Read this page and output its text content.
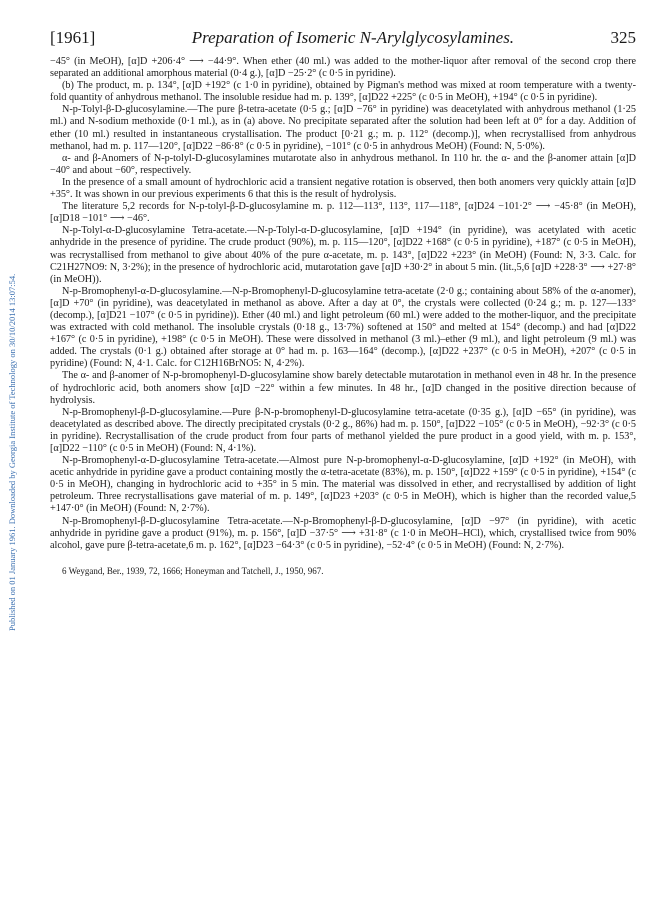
Published on 01 January 1961. Downloaded by Georgia Institute of Technology on 30/10/2014 13:07:54.
[1961]	Preparation of Isomeric N-Arylglycosylamines.	325

−45° (in MeOH), [α]D +206·4° ⟶ −44·9°. When ether (40 ml.) was added to the mother-liquor after removal of the second crop there separated an additional amorphous material (0·4 g.), [α]D −25·2° (c 0·5 in pyridine).

(b) The product, m. p. 134°, [α]D +192° (c 1·0 in pyridine), obtained by Pigman's method was mixed at room temperature with a twenty-fold quantity of anhydrous methanol. The insoluble residue had m. p. 139°, [α]D22 +225° (c 0·5 in MeOH), +194° (c 0·5 in pyridine).

N-p-Tolyl-β-D-glucosylamine.—The pure β-tetra-acetate (0·5 g.; [α]D −76° in pyridine) was deacetylated with anhydrous methanol (1·25 ml.) and N-sodium methoxide (0·1 ml.), as in (a) above. No precipitate separated after the solution had been left at 0° for a day. Addition of ether (10 ml.) resulted in instantaneous crystallisation. The product [0·21 g.; m. p. 112° (decomp.)], when recrystallised from anhydrous methanol, had m. p. 117—120°, [α]D22 −86·8° (c 0·5 in pyridine), −101° (c 0·5 in anhydrous MeOH) (Found: N, 5·0%).

α- and β-Anomers of N-p-tolyl-D-glucosylamines mutarotate also in anhydrous methanol. In 110 hr. the α- and the β-anomer attain [α]D −40° and about −60°, respectively.

In the presence of a small amount of hydrochloric acid a transient negative rotation is observed, then both anomers very quickly attain [α]D +35°. It was shown in our previous experiments 6 that this is the result of hydrolysis.

The literature 5,2 records for N-p-tolyl-β-D-glucosylamine m. p. 112—113°, 113°, 117—118°, [α]D24 −101·2° ⟶ −45·8° (in MeOH), [α]D18 −101° ⟶ −46°.

N-p-Tolyl-α-D-glucosylamine Tetra-acetate.—N-p-Tolyl-α-D-glucosylamine, [α]D +194° (in pyridine), was acetylated with acetic anhydride in the presence of pyridine. The crude product (90%), m. p. 115—120°, [α]D22 +168° (c 0·5 in pyridine), +187° (c 0·5 in MeOH), was recrystallised from methanol to give about 40% of the pure α-acetate, m. p. 143°, [α]D22 +223° (in MeOH) (Found: N, 3·3. Calc. for C21H27NO9: N, 3·2%); in the presence of hydrochloric acid, mutarotation gave [α]D +30·2° in about 5 min. (lit.,5,6 [α]D +228·3° ⟶ +27·8° (in MeOH)).

N-p-Bromophenyl-α-D-glucosylamine.—N-p-Bromophenyl-D-glucosylamine tetra-acetate (2·0 g.; containing about 58% of the α-anomer), [α]D +70° (in pyridine), was deacetylated in methanol as above. After a day at 0°, the crystals were collected (0·24 g.; m. p. 127—133° (decomp.), [α]D21 −107° (c 0·5 in pyridine)). Ether (40 ml.) and light petroleum (60 ml.) were added to the mother-liquor, and the precipitate was extracted with cold methanol. The insoluble crystals (0·18 g., 13·7%) softened at 150° and melted at 154° (decomp.) and had [α]D22 +167° (c 0·5 in pyridine), +198° (c 0·5 in MeOH). These were dissolved in methanol (3 ml.)–ether (9 ml.), and light petroleum (9 ml.) was added. The crystals (0·1 g.) obtained after storage at 0° had m. p. 163—164° (decomp.), [α]D22 +237° (c 0·5 in MeOH), +207° (c 0·5 in pyridine) (Found: N, 4·1. Calc. for C12H16BrNO5: N, 4·2%).

The α- and β-anomer of N-p-bromophenyl-D-glucosylamine show barely detectable mutarotation in methanol even in 48 hr. In the presence of hydrochloric acid, both anomers show [α]D −22° within a few minutes. In 48 hr., [α]D changed in the positive direction because of hydrolysis.

N-p-Bromophenyl-β-D-glucosylamine.—Pure β-N-p-bromophenyl-D-glucosylamine tetra-acetate (0·35 g.), [α]D −65° (in pyridine), was deacetylated as described above. The directly precipitated crystals (0·2 g., 86%) had m. p. 150°, [α]D22 −105° (c 0·5 in MeOH), −92·3° (c 0·5 in pyridine). Recrystallisation of the crude product from four parts of methanol yielded the pure product in a good yield, with m. p. 153°, [α]D22 −110° (c 0·5 in MeOH) (Found: N, 4·1%).

N-p-Bromophenyl-α-D-glucosylamine Tetra-acetate.—Almost pure N-p-bromophenyl-α-D-glucosylamine, [α]D +192° (in MeOH), with acetic anhydride in pyridine gave a product containing mostly the α-tetra-acetate (83%), m. p. 150°, [α]D22 +159° (c 0·5 in pyridine), +154° (c 0·5 in MeOH), changing in hydrochloric acid to +35° in 5 min. The material was dissolved in ether, and recrystallised by addition of light petroleum. Three recrystallisations gave material of m. p. 149°, [α]D23 +203° (c 0·5 in MeOH), which is higher than the recorded value,5 +147·0° (in MeOH) (Found: N, 2·7%).

N-p-Bromophenyl-β-D-glucosylamine Tetra-acetate.—N-p-Bromophenyl-β-D-glucosylamine, [α]D −97° (in pyridine), with acetic anhydride in pyridine gave a product (91%), m. p. 156°, [α]D −37·5° ⟶ +31·8° (c 1·0 in MeOH–HCl), which, crystallised twice from 90% alcohol, gave pure β-tetra-acetate,6 m. p. 162°, [α]D23 −64·3° (c 0·5 in pyridine), −52·4° (c 0·5 in MeOH) (Found: N, 2·7%).

6 Weygand, Ber., 1939, 72, 1666; Honeyman and Tatchell, J., 1950, 967.
